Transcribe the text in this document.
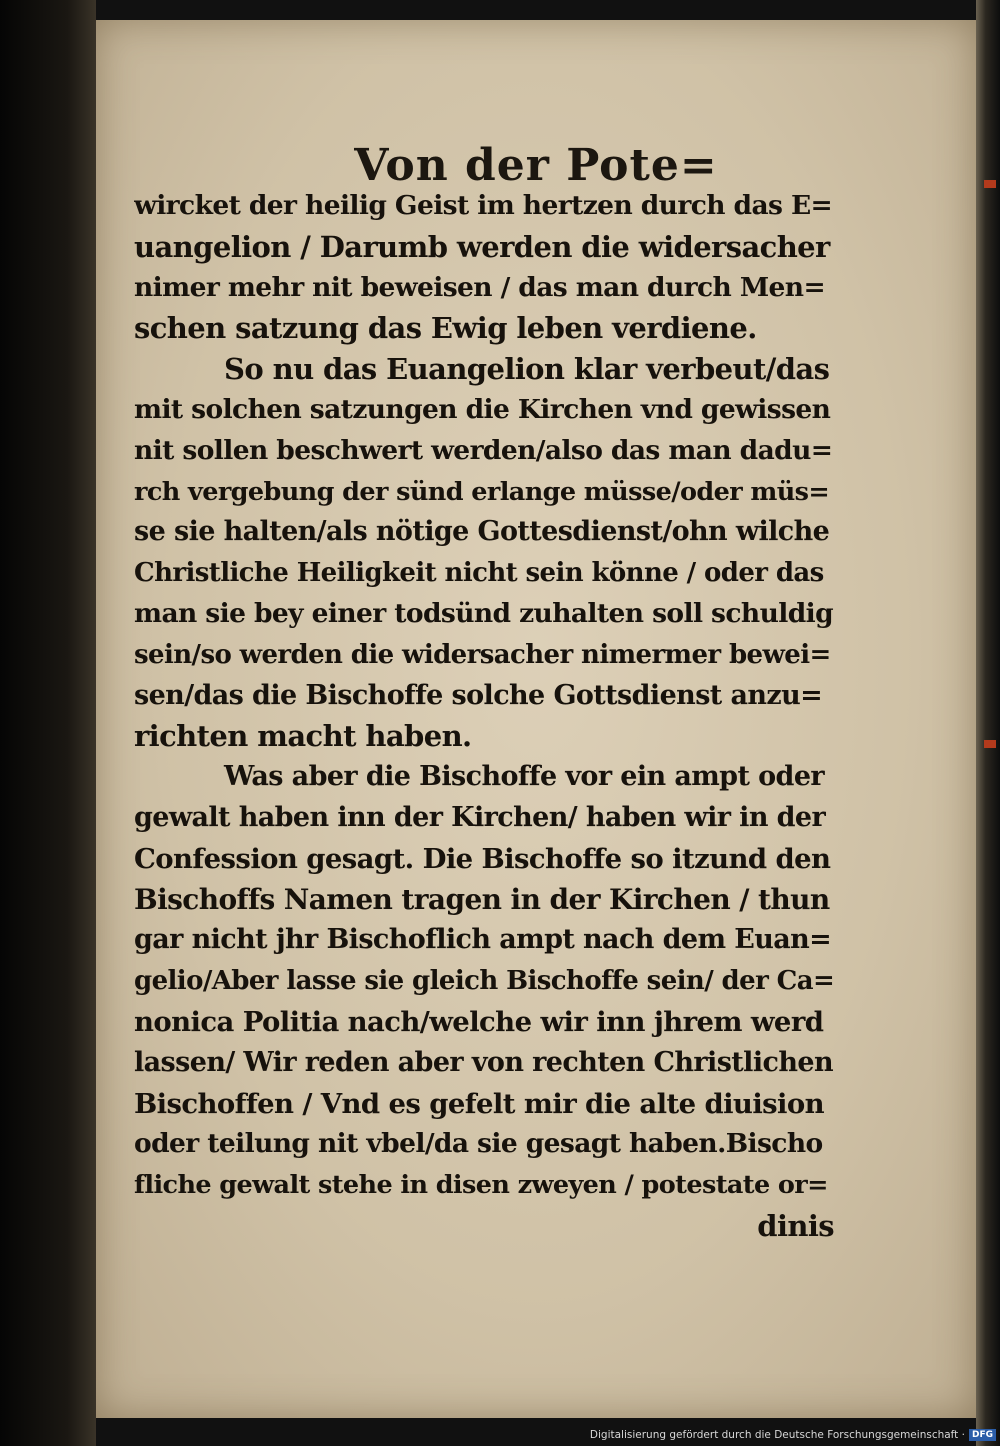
Von der Pote=
wircket der heilig Geist im hertzen durch das E=
uangelion / Darumb werden die widersacher
nimer mehr nit beweisen / das man durch Men=
schen satzung das Ewig leben verdiene.
So nu das Euangelion klar verbeut/das
mit solchen satzungen die Kirchen vnd gewissen
nit sollen beschwert werden/also das man dadu=
rch vergebung der sünd erlange müsse/oder müs=
se sie halten/als nötige Gottesdienst/ohn wilche
Christliche Heiligkeit nicht sein könne / oder das
man sie bey einer todsünd zuhalten soll schuldig
sein/so werden die widersacher nimermer bewei=
sen/das die Bischoffe solche Gottsdienst anzu=
richten macht haben.
Was aber die Bischoffe vor ein ampt oder
gewalt haben inn der Kirchen/ haben wir in der
Confession gesagt. Die Bischoffe so itzund den
Bischoffs Namen tragen in der Kirchen / thun
gar nicht jhr Bischoflich ampt nach dem Euan=
gelio/Aber lasse sie gleich Bischoffe sein/ der Ca=
nonica Politia nach/welche wir inn jhrem werd
lassen/ Wir reden aber von rechten Christlichen
Bischoffen / Vnd es gefelt mir die alte diuision
oder teilung nit vbel/da sie gesagt haben.Bischo
fliche gewalt stehe in disen zweyen / potestate or=
dinis
Digitalisierung gefördert durch die Deutsche Forschungsgemeinschaft · DFG
